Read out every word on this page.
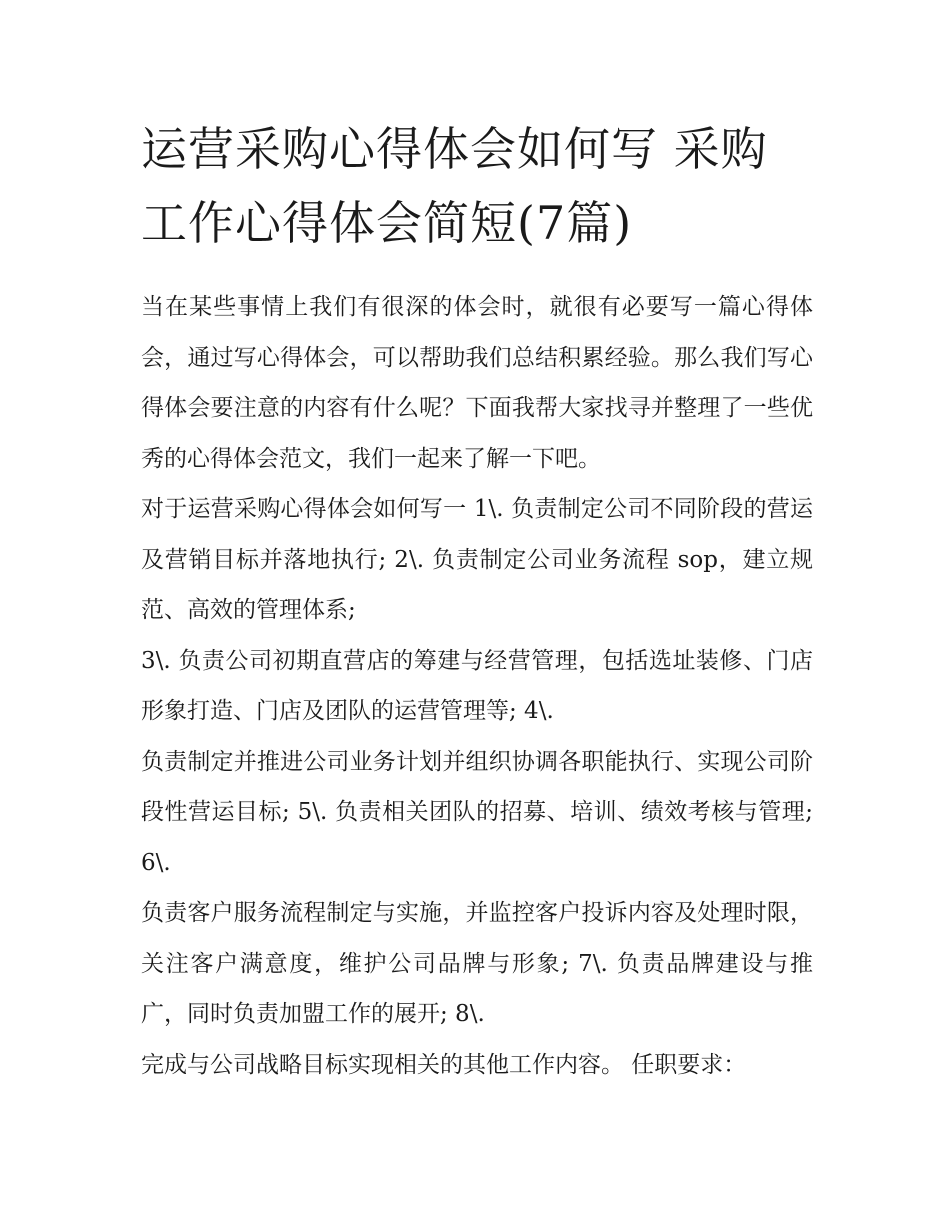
运营采购心得体会如何写 采购工作心得体会简短(7篇)

当在某些事情上我们有很深的体会时，就很有必要写一篇心得体会，通过写心得体会，可以帮助我们总结积累经验。那么我们写心得体会要注意的内容有什么呢？下面我帮大家找寻并整理了一些优秀的心得体会范文，我们一起来了解一下吧。

对于运营采购心得体会如何写一 1\. 负责制定公司不同阶段的营运及营销目标并落地执行; 2\. 负责制定公司业务流程 sop，建立规范、高效的管理体系;

3\. 负责公司初期直营店的筹建与经营管理，包括选址装修、门店形象打造、门店及团队的运营管理等; 4\.

负责制定并推进公司业务计划并组织协调各职能执行、实现公司阶段性营运目标; 5\. 负责相关团队的招募、培训、绩效考核与管理; 6\.

负责客户服务流程制定与实施，并监控客户投诉内容及处理时限，关注客户满意度，维护公司品牌与形象; 7\. 负责品牌建设与推广，同时负责加盟工作的展开; 8\.

完成与公司战略目标实现相关的其他工作内容。 任职要求：
